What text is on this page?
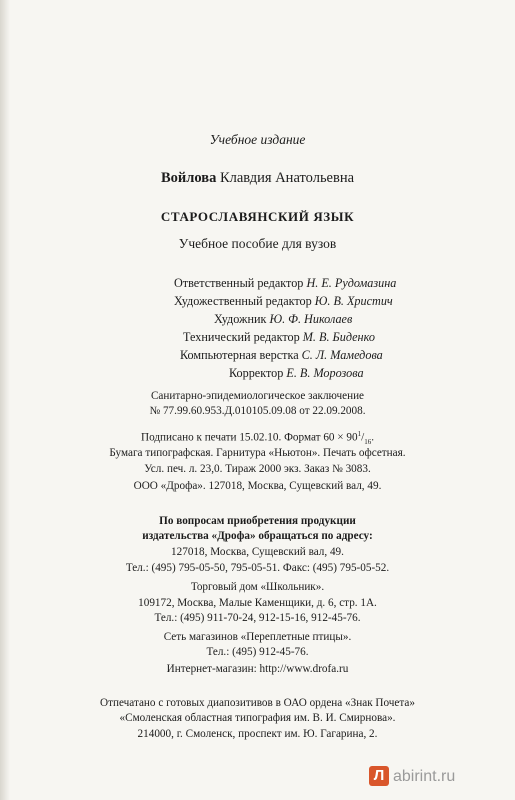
Учебное издание
Войлова Клавдия Анатольевна
СТАРОСЛАВЯНСКИЙ ЯЗЫК
Учебное пособие для вузов
Ответственный редактор Н. Е. Рудомазина
Художественный редактор Ю. В. Христич
Художник Ю. Ф. Николаев
Технический редактор М. В. Биденко
Компьютерная верстка С. Л. Мамедова
Корректор Е. В. Морозова
Санитарно-эпидемиологическое заключение
№ 77.99.60.953.Д.010105.09.08 от 22.09.2008.
Подписано к печати 15.02.10. Формат $60 \times 90^1/_{16}$.
Бумага типографская. Гарнитура «Ньютон». Печать офсетная.
Усл. печ. л. 23,0. Тираж 2000 экз. Заказ № 3083.
ООО «Дрофа». 127018, Москва, Сущевский вал, 49.
По вопросам приобретения продукции
издательства «Дрофа» обращаться по адресу:
127018, Москва, Сущевский вал, 49.
Тел.: (495) 795-05-50, 795-05-51. Факс: (495) 795-05-52.
Торговый дом «Школьник».
109172, Москва, Малые Каменщики, д. 6, стр. 1А.
Тел.: (495) 911-70-24, 912-15-16, 912-45-76.
Сеть магазинов «Переплетные птицы».
Тел.: (495) 912-45-76.
Интернет-магазин: http://www.drofa.ru
Отпечатано с готовых диапозитивов в ОАО ордена «Знак Почета»
«Смоленская областная типография им. В. И. Смирнова».
214000, г. Смоленск, проспект им. Ю. Гагарина, 2.
Л abirint.ru
